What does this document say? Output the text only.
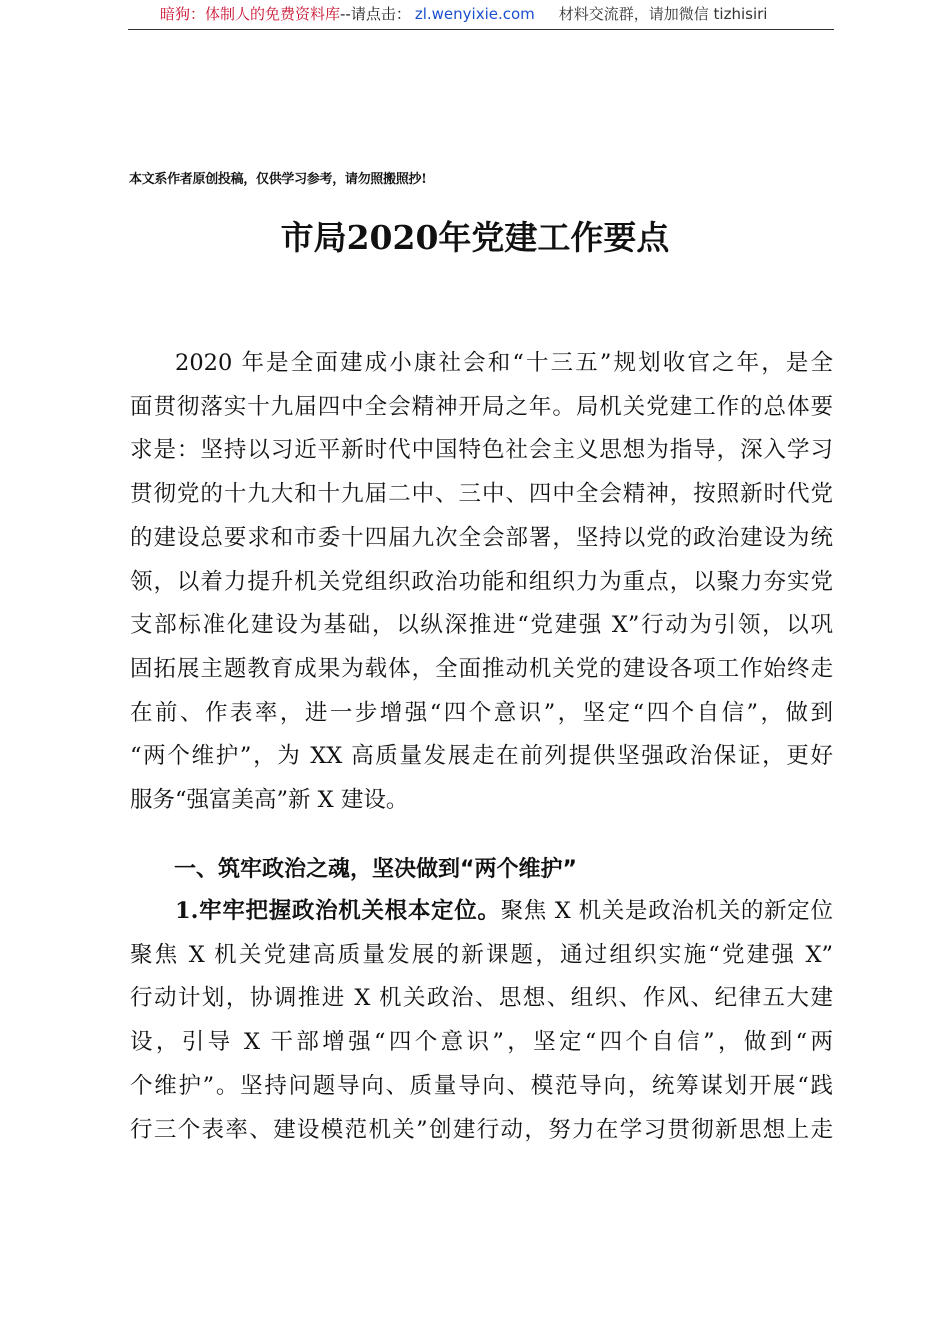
暗狗：体制人的免费资料库--请点击： zl.wenyixie.com 材料交流群，请加微信 tizhisiri
本文系作者原创投稿，仅供学习参考，请勿照搬照抄!
市局2020年党建工作要点
2020 年是全面建成小康社会和“十三五”规划收官之年，是全
面贯彻落实十九届四中全会精神开局之年。局机关党建工作的总体要
求是：坚持以习近平新时代中国特色社会主义思想为指导，深入学习
贯彻党的十九大和十九届二中、三中、四中全会精神，按照新时代党
的建设总要求和市委十四届九次全会部署，坚持以党的政治建设为统
领，以着力提升机关党组织政治功能和组织力为重点，以聚力夯实党
支部标准化建设为基础，以纵深推进“党建强 X”行动为引领，以巩
固拓展主题教育成果为载体，全面推动机关党的建设各项工作始终走
在前、作表率，进一步增强“四个意识”，坚定“四个自信”，做到
“两个维护”，为 XX 高质量发展走在前列提供坚强政治保证，更好
服务“强富美高”新 X 建设。
一、筑牢政治之魂，坚决做到“两个维护”
1.牢牢把握政治机关根本定位。聚焦 X 机关是政治机关的新定位
聚焦 X 机关党建高质量发展的新课题，通过组织实施“党建强 X”
行动计划，协调推进 X 机关政治、思想、组织、作风、纪律五大建
设，引导 X 干部增强“四个意识”，坚定“四个自信”，做到“两
个维护”。坚持问题导向、质量导向、模范导向，统筹谋划开展“践
行三个表率、建设模范机关”创建行动，努力在学习贯彻新思想上走
